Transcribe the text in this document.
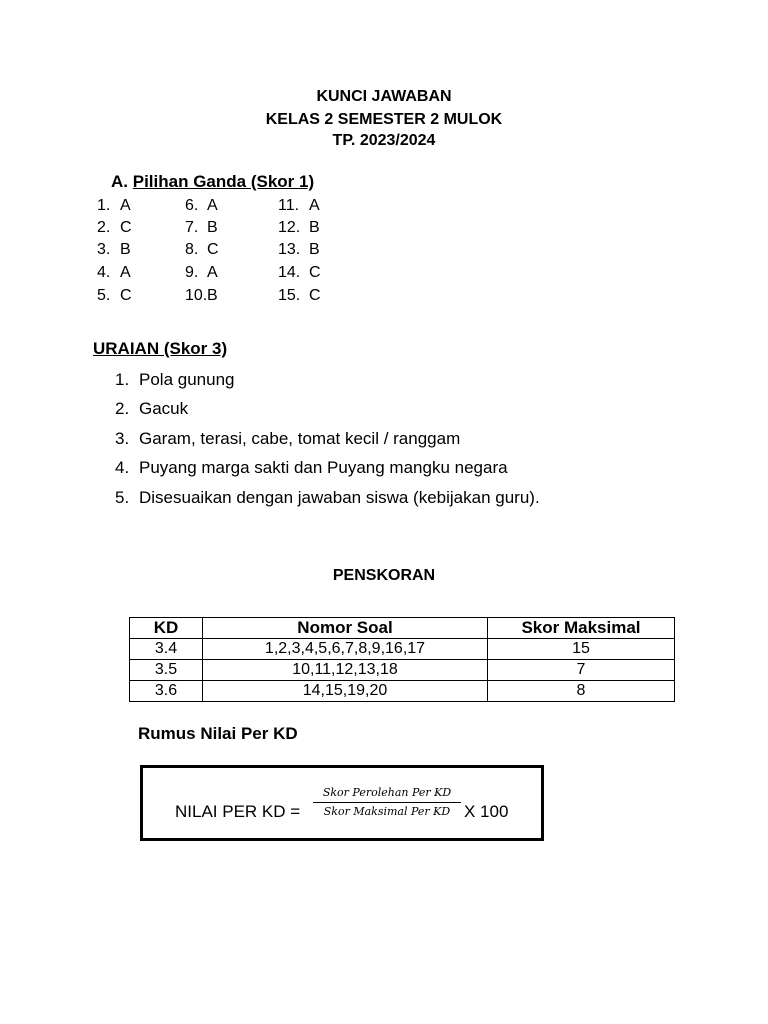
KUNCI JAWABAN
KELAS 2 SEMESTER 2 MULOK
TP. 2023/2024
A. Pilihan Ganda (Skor 1)
1. A	6. A	11. A
2. C	7. B	12. B
3. B	8. C	13. B
4. A	9. A	14. C
5. C	10. B	15. C
URAIAN (Skor 3)
1. Pola gunung
2. Gacuk
3. Garam, terasi, cabe, tomat kecil / ranggam
4. Puyang marga sakti dan Puyang mangku negara
5. Disesuaikan dengan jawaban siswa (kebijakan guru).
PENSKORAN
KD	Nomor Soal	Skor Maksimal
3.4	1,2,3,4,5,6,7,8,9,16,17	15
3.5	10,11,12,13,18	7
3.6	14,15,19,20	8
Rumus Nilai Per KD
NILAI PER KD =
Skor Perolehan Per KD
Skor Maksimal Per KD X 100
